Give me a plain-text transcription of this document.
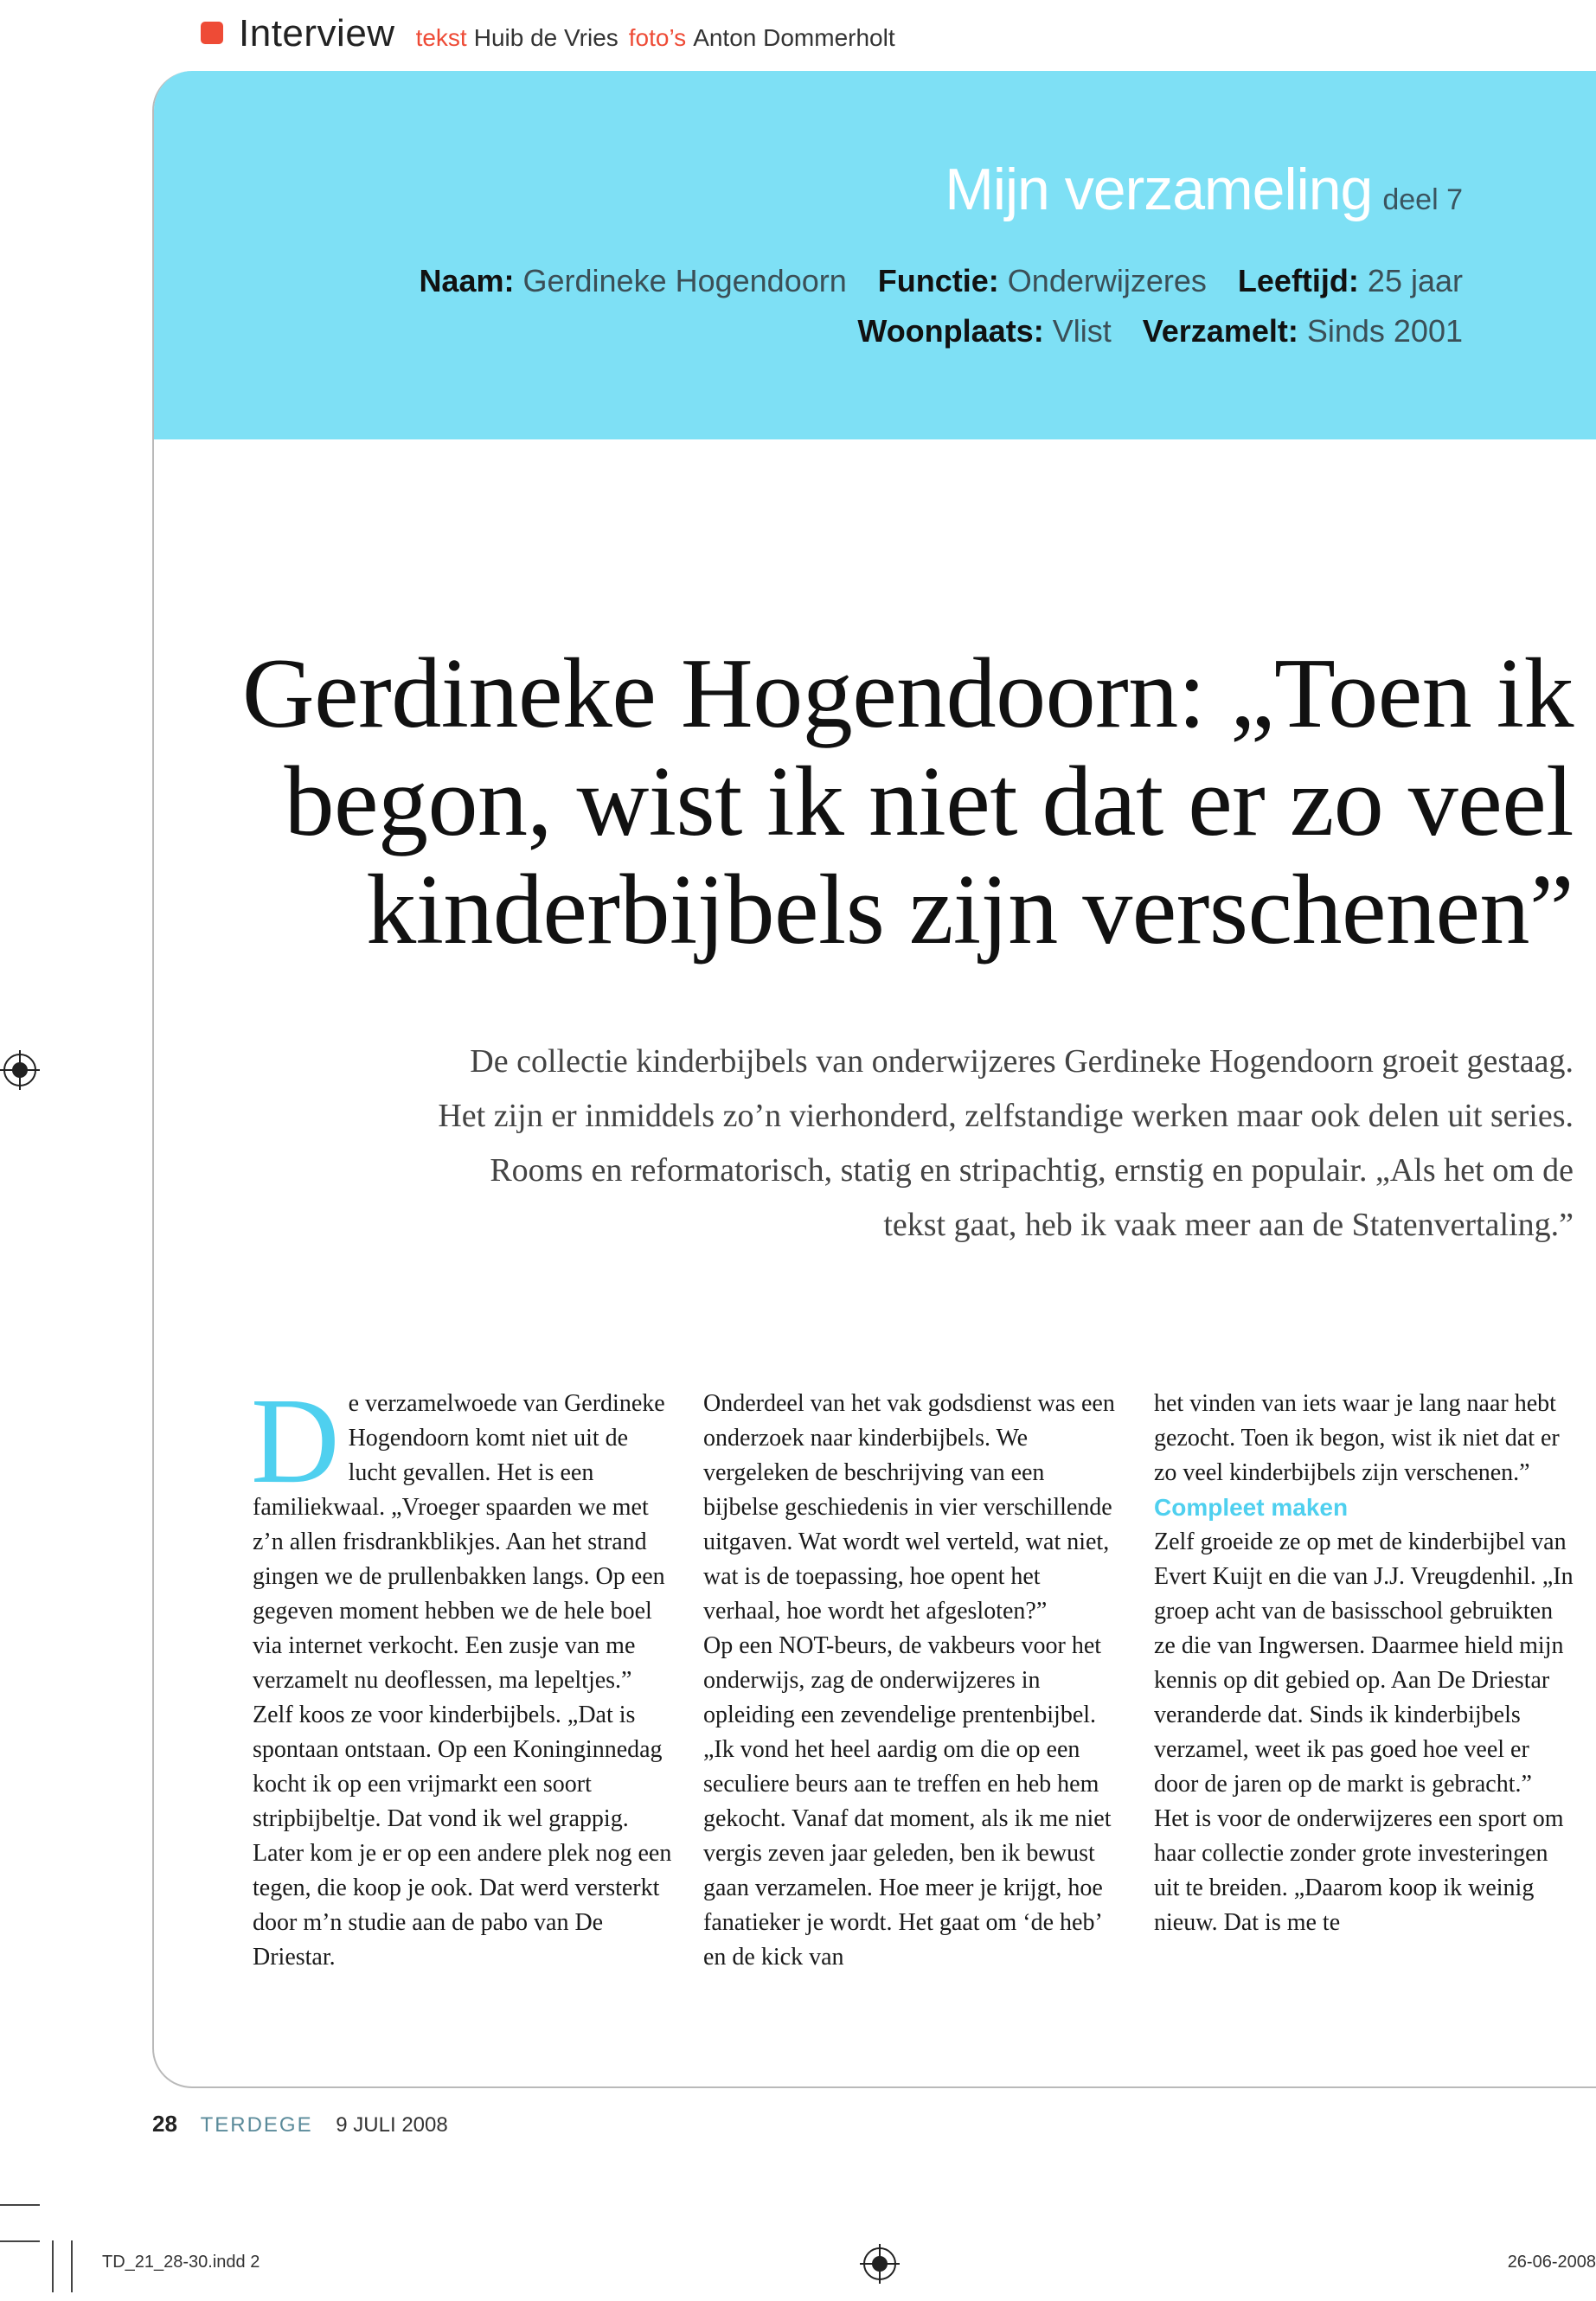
Interview tekst Huib de Vries foto’s Anton Dommerholt
Mijn verzameling deel 7
Naam: Gerdineke Hogendoorn Functie: Onderwijzeres Leeftijd: 25 jaar
Woonplaats: Vlist Verzamelt: Sinds 2001
Gerdineke Hogendoorn: „Toen ik
begon, wist ik niet dat er zo veel
kinderbijbels zijn verschenen”

De collectie kinderbijbels van onderwijzeres Gerdineke Hogendoorn groeit gestaag.
Het zijn er inmiddels zo’n vierhonderd, zelfstandige werken maar ook delen uit series.
Rooms en reformatorisch, statig en stripachtig, ernstig en populair. „Als het om de
tekst gaat, heb ik vaak meer aan de Statenvertaling.”

De verzamelwoede van Gerdineke Hogendoorn komt niet uit de lucht gevallen. Het is een familiekwaal. „Vroeger spaarden we met z’n allen frisdrankblikjes. Aan het strand gingen we de prullenbakken langs. Op een gegeven moment hebben we de hele boel via internet verkocht. Een zusje van me verzamelt nu deoflessen, ma lepeltjes.”

Zelf koos ze voor kinderbijbels. „Dat is spontaan ontstaan. Op een Koninginnedag kocht ik op een vrijmarkt een soort stripbijbeltje. Dat vond ik wel grappig. Later kom je er op een andere plek nog een tegen, die koop je ook. Dat werd versterkt door m’n studie aan de pabo van De Driestar.

Onderdeel van het vak godsdienst was een onderzoek naar kinderbijbels. We vergeleken de beschrijving van een bijbelse geschiedenis in vier verschillende uitgaven. Wat wordt wel verteld, wat niet, wat is de toepassing, hoe opent het verhaal, hoe wordt het afgesloten?”

Op een NOT-beurs, de vakbeurs voor het onderwijs, zag de onderwijzeres in opleiding een zevendelige prentenbijbel. „Ik vond het heel aardig om die op een seculiere beurs aan te treffen en heb hem gekocht. Vanaf dat moment, als ik me niet vergis zeven jaar geleden, ben ik bewust gaan verzamelen. Hoe meer je krijgt, hoe fanatieker je wordt. Het gaat om ‘de heb’ en de kick van

het vinden van iets waar je lang naar hebt gezocht. Toen ik begon, wist ik niet dat er zo veel kinderbijbels zijn verschenen.”

Compleet maken

Zelf groeide ze op met de kinderbijbel van Evert Kuijt en die van J.J. Vreugdenhil. „In groep acht van de basisschool gebruikten ze die van Ingwersen. Daarmee hield mijn kennis op dit gebied op. Aan De Driestar veranderde dat. Sinds ik kinderbijbels verzamel, weet ik pas goed hoe veel er door de jaren op de markt is gebracht.”

Het is voor de onderwijzeres een sport om haar collectie zonder grote investeringen uit te breiden. „Daarom koop ik weinig nieuw. Dat is me te

28 TERDEGE 9 JULI 2008
TD_21_28-30.indd 2	26-06-2008
